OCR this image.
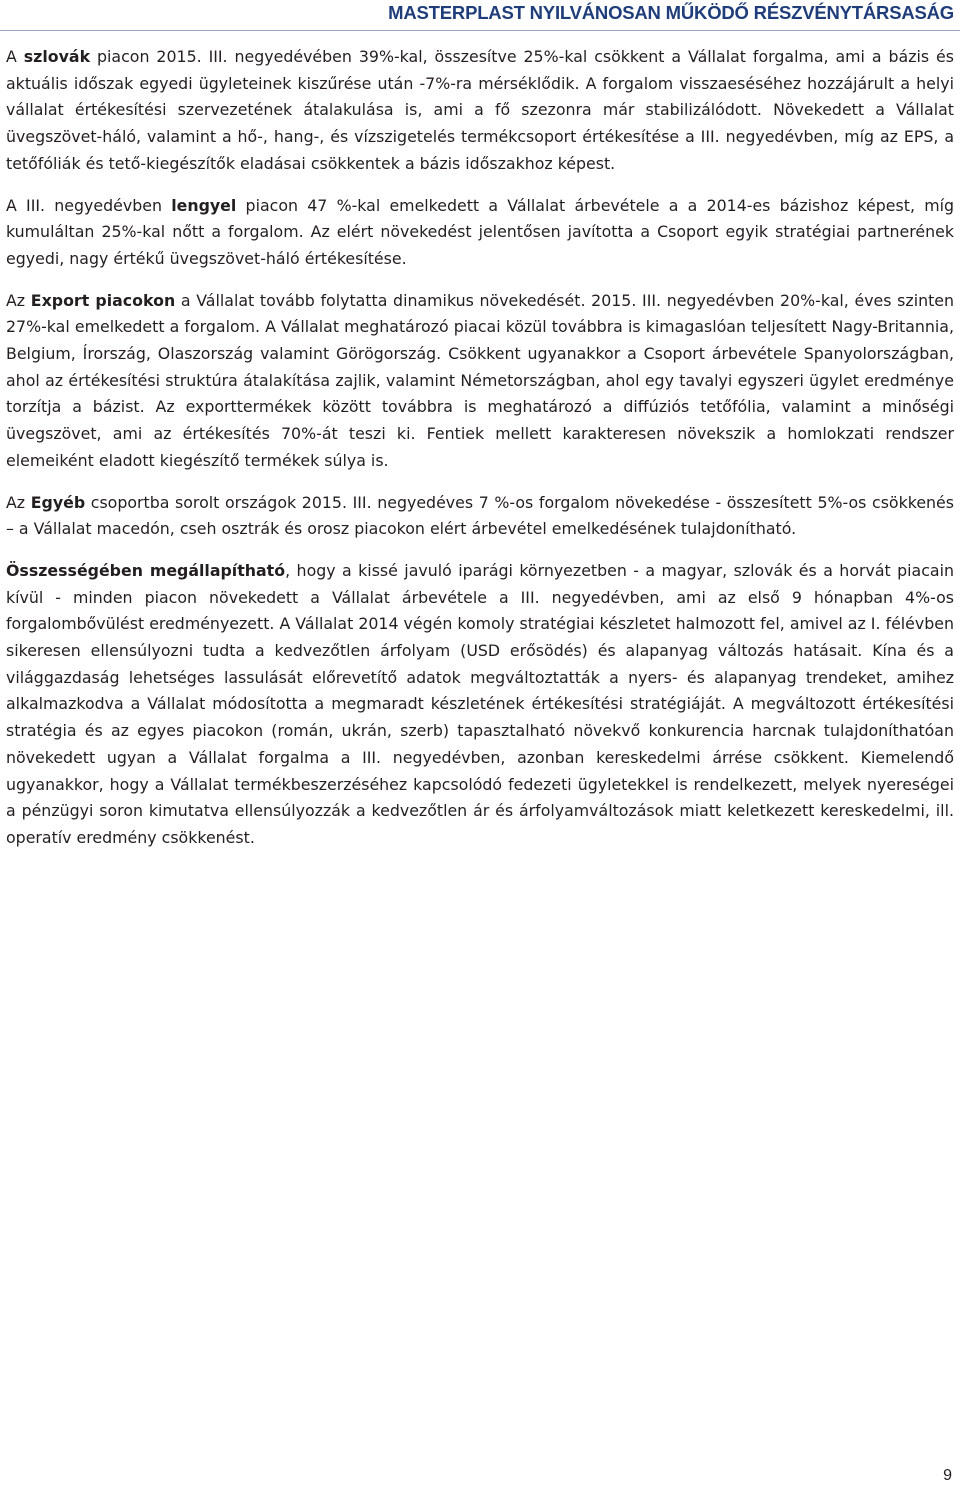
MASTERPLAST NYILVÁNOSAN MŰKÖDŐ RÉSZVÉNYTÁRSASÁG

A szlovák piacon 2015. III. negyedévében 39%-kal, összesítve 25%-kal csökkent a Vállalat forgalma, ami a bázis és aktuális időszak egyedi ügyleteinek kiszűrése után -7%-ra mérséklődik. A forgalom visszaeséséhez hozzájárult a helyi vállalat értékesítési szervezetének átalakulása is, ami a fő szezonra már stabilizálódott. Növekedett a Vállalat üvegszövet-háló, valamint a hő-, hang-, és vízszigetelés termékcsoport értékesítése a III. negyedévben, míg az EPS, a tetőfóliák és tető-kiegészítők eladásai csökkentek a bázis időszakhoz képest.

A III. negyedévben lengyel piacon 47 %-kal emelkedett a Vállalat árbevétele a a 2014-es bázishoz képest, míg kumuláltan 25%-kal nőtt a forgalom. Az elért növekedést jelentősen javította a Csoport egyik stratégiai partnerének egyedi, nagy értékű üvegszövet-háló értékesítése.

Az Export piacokon a Vállalat tovább folytatta dinamikus növekedését. 2015. III. negyedévben 20%-kal, éves szinten 27%-kal emelkedett a forgalom. A Vállalat meghatározó piacai közül továbbra is kimagaslóan teljesített Nagy-Britannia, Belgium, Írország, Olaszország valamint Görögország. Csökkent ugyanakkor a Csoport árbevétele Spanyolországban, ahol az értékesítési struktúra átalakítása zajlik, valamint Németországban, ahol egy tavalyi egyszeri ügylet eredménye torzítja a bázist. Az exporttermékek között továbbra is meghatározó a diffúziós tetőfólia, valamint a minőségi üvegszövet, ami az értékesítés 70%-át teszi ki. Fentiek mellett karakteresen növekszik a homlokzati rendszer elemeiként eladott kiegészítő termékek súlya is.

Az Egyéb csoportba sorolt országok 2015. III. negyedéves 7 %-os forgalom növekedése - összesített 5%-os csökkenés – a Vállalat macedón, cseh osztrák és orosz piacokon elért árbevétel emelkedésének tulajdonítható.

Összességében megállapítható, hogy a kissé javuló iparági környezetben - a magyar, szlovák és a horvát piacain kívül - minden piacon növekedett a Vállalat árbevétele a III. negyedévben, ami az első 9 hónapban 4%-os forgalombővülést eredményezett. A Vállalat 2014 végén komoly stratégiai készletet halmozott fel, amivel az I. félévben sikeresen ellensúlyozni tudta a kedvezőtlen árfolyam (USD erősödés) és alapanyag változás hatásait. Kína és a világgazdaság lehetséges lassulását előrevetítő adatok megváltoztatták a nyers- és alapanyag trendeket, amihez alkalmazkodva a Vállalat módosította a megmaradt készletének értékesítési stratégiáját. A megváltozott értékesítési stratégia és az egyes piacokon (román, ukrán, szerb) tapasztalható növekvő konkurencia harcnak tulajdoníthatóan növekedett ugyan a Vállalat forgalma a III. negyedévben, azonban kereskedelmi árrése csökkent. Kiemelendő ugyanakkor, hogy a Vállalat termékbeszerzéséhez kapcsolódó fedezeti ügyletekkel is rendelkezett, melyek nyereségei a pénzügyi soron kimutatva ellensúlyozzák a kedvezőtlen ár és árfolyamváltozások miatt keletkezett kereskedelmi, ill. operatív eredmény csökkenést.

9
